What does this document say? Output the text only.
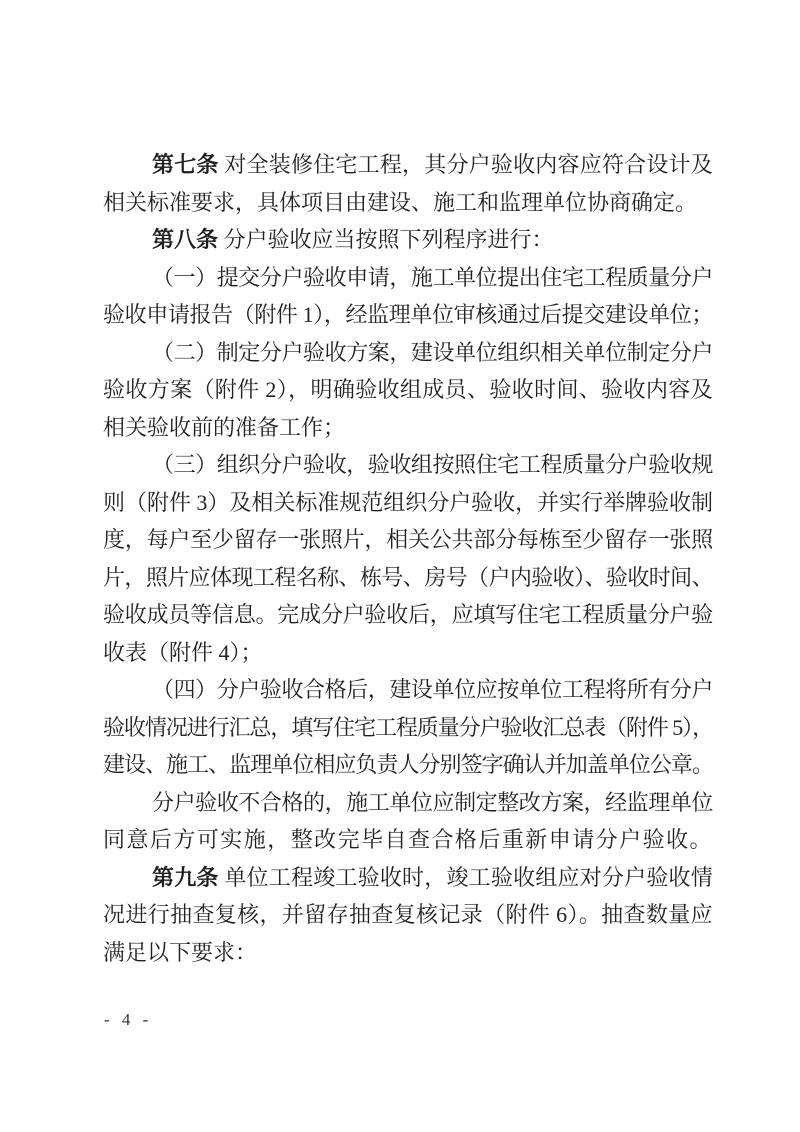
第七条 对全装修住宅工程，其分户验收内容应符合设计及
相关标准要求，具体项目由建设、施工和监理单位协商确定。
第八条 分户验收应当按照下列程序进行：
（一）提交分户验收申请，施工单位提出住宅工程质量分户
验收申请报告（附件 1），经监理单位审核通过后提交建设单位；
（二）制定分户验收方案，建设单位组织相关单位制定分户
验收方案（附件 2），明确验收组成员、验收时间、验收内容及
相关验收前的准备工作；
（三）组织分户验收，验收组按照住宅工程质量分户验收规
则（附件 3）及相关标准规范组织分户验收，并实行举牌验收制
度，每户至少留存一张照片，相关公共部分每栋至少留存一张照
片，照片应体现工程名称、栋号、房号（户内验收）、验收时间、
验收成员等信息。完成分户验收后，应填写住宅工程质量分户验
收表（附件 4）；
（四）分户验收合格后，建设单位应按单位工程将所有分户
验收情况进行汇总，填写住宅工程质量分户验收汇总表（附件 5），
建设、施工、监理单位相应负责人分别签字确认并加盖单位公章。
分户验收不合格的，施工单位应制定整改方案，经监理单位
同意后方可实施，整改完毕自查合格后重新申请分户验收。
第九条 单位工程竣工验收时，竣工验收组应对分户验收情
况进行抽查复核，并留存抽查复核记录（附件 6）。抽查数量应
满足以下要求：
- 4 -
